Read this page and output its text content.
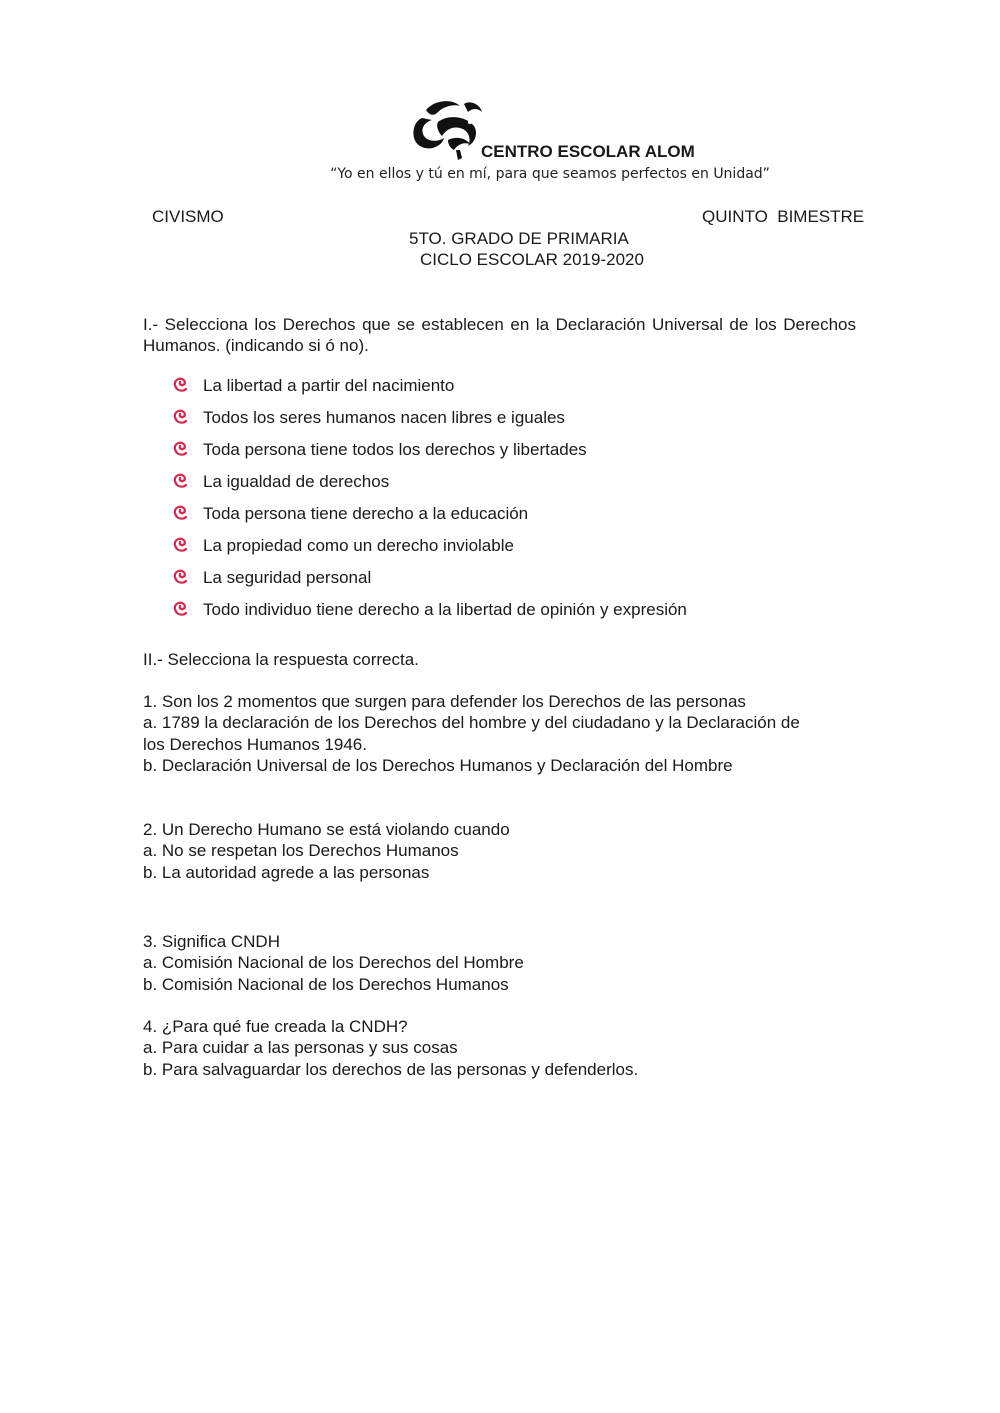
CENTRO ESCOLAR ALOM
“Yo en ellos y tú en mí, para que seamos perfectos en Unidad”
CIVISMO	QUINTO  BIMESTRE
5TO. GRADO DE PRIMARIA
CICLO ESCOLAR 2019-2020
I.- Selecciona los Derechos que se establecen en la Declaración Universal de los Derechos Humanos. (indicando si ó no).
La libertad a partir del nacimiento
Todos los seres humanos nacen libres e iguales
Toda persona tiene todos los derechos y libertades
La igualdad de derechos
Toda persona tiene derecho a la educación
La propiedad como un derecho inviolable
La seguridad personal
Todo individuo tiene derecho a la libertad de opinión y expresión
II.- Selecciona la respuesta correcta.
1. Son los 2 momentos que surgen para defender los Derechos de las personas
a. 1789 la declaración de los Derechos del hombre y del ciudadano y la Declaración de
los Derechos Humanos 1946.
b. Declaración Universal de los Derechos Humanos y Declaración del Hombre
2. Un Derecho Humano se está violando cuando
a. No se respetan los Derechos Humanos
b. La autoridad agrede a las personas
3. Significa CNDH
a. Comisión Nacional de los Derechos del Hombre
b. Comisión Nacional de los Derechos Humanos
4. ¿Para qué fue creada la CNDH?
a. Para cuidar a las personas y sus cosas
b. Para salvaguardar los derechos de las personas y defenderlos.
